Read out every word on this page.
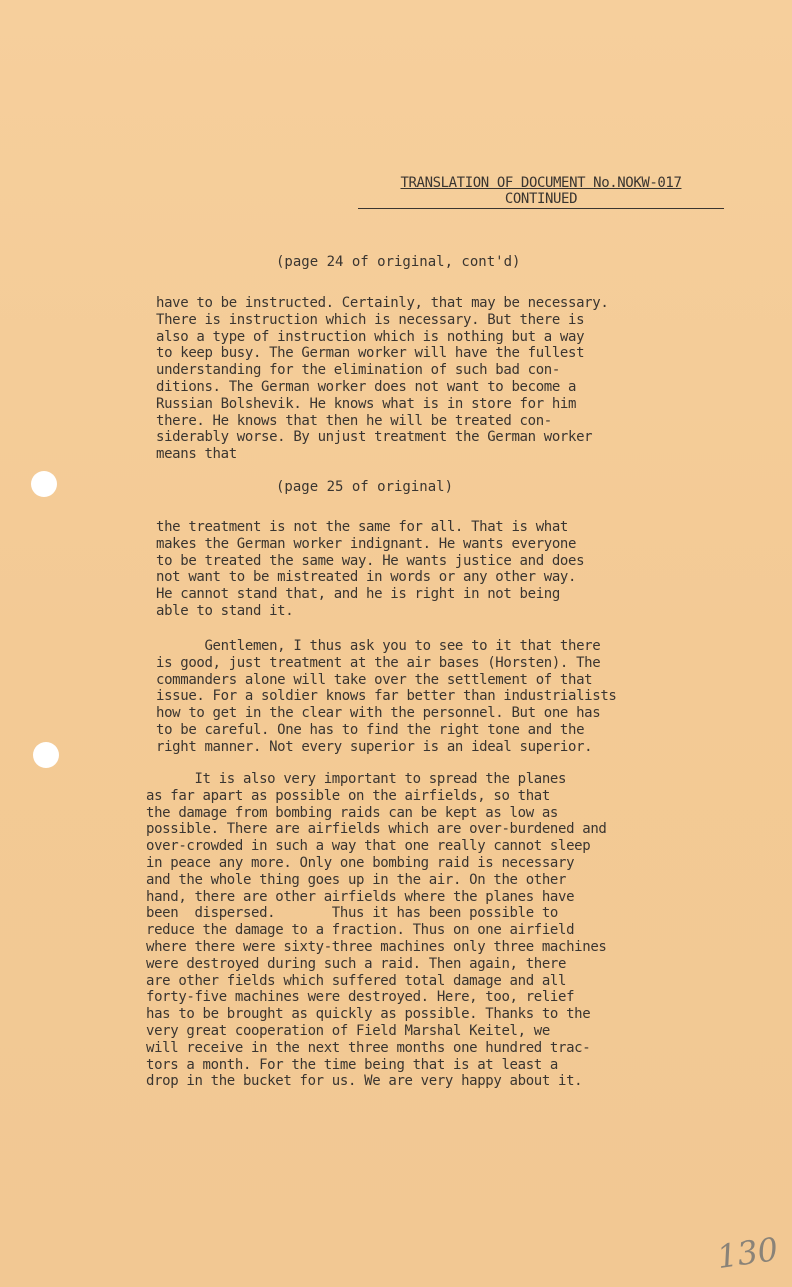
TRANSLATION OF DOCUMENT No.NOKW-017
CONTINUED
(page 24 of original, cont'd)
have to be instructed. Certainly, that may be necessary.
There is instruction which is necessary. But there is
also a type of instruction which is nothing but a way
to keep busy. The German worker will have the fullest
understanding for the elimination of such bad con-
ditions. The German worker does not want to become a
Russian Bolshevik. He knows what is in store for him
there. He knows that then he will be treated con-
siderably worse. By unjust treatment the German worker
means that
(page 25 of original)
the treatment is not the same for all. That is what
makes the German worker indignant. He wants everyone
to be treated the same way. He wants justice and does
not want to be mistreated in words or any other way.
He cannot stand that, and he is right in not being
able to stand it.
Gentlemen, I thus ask you to see to it that there
is good, just treatment at the air bases (Horsten). The
commanders alone will take over the settlement of that
issue. For a soldier knows far better than industrialists
how to get in the clear with the personnel. But one has
to be careful. One has to find the right tone and the
right manner. Not every superior is an ideal superior.
It is also very important to spread the planes
as far apart as possible on the airfields, so that
the damage from bombing raids can be kept as low as
possible. There are airfields which are over-burdened and
over-crowded in such a way that one really cannot sleep
in peace any more. Only one bombing raid is necessary
and the whole thing goes up in the air. On the other
hand, there are other airfields where the planes have
been  dispersed.       Thus it has been possible to
reduce the damage to a fraction. Thus on one airfield
where there were sixty-three machines only three machines
were destroyed during such a raid. Then again, there
are other fields which suffered total damage and all
forty-five machines were destroyed. Here, too, relief
has to be brought as quickly as possible. Thanks to the
very great cooperation of Field Marshal Keitel, we
will receive in the next three months one hundred trac-
tors a month. For the time being that is at least a
drop in the bucket for us. We are very happy about it.
130
